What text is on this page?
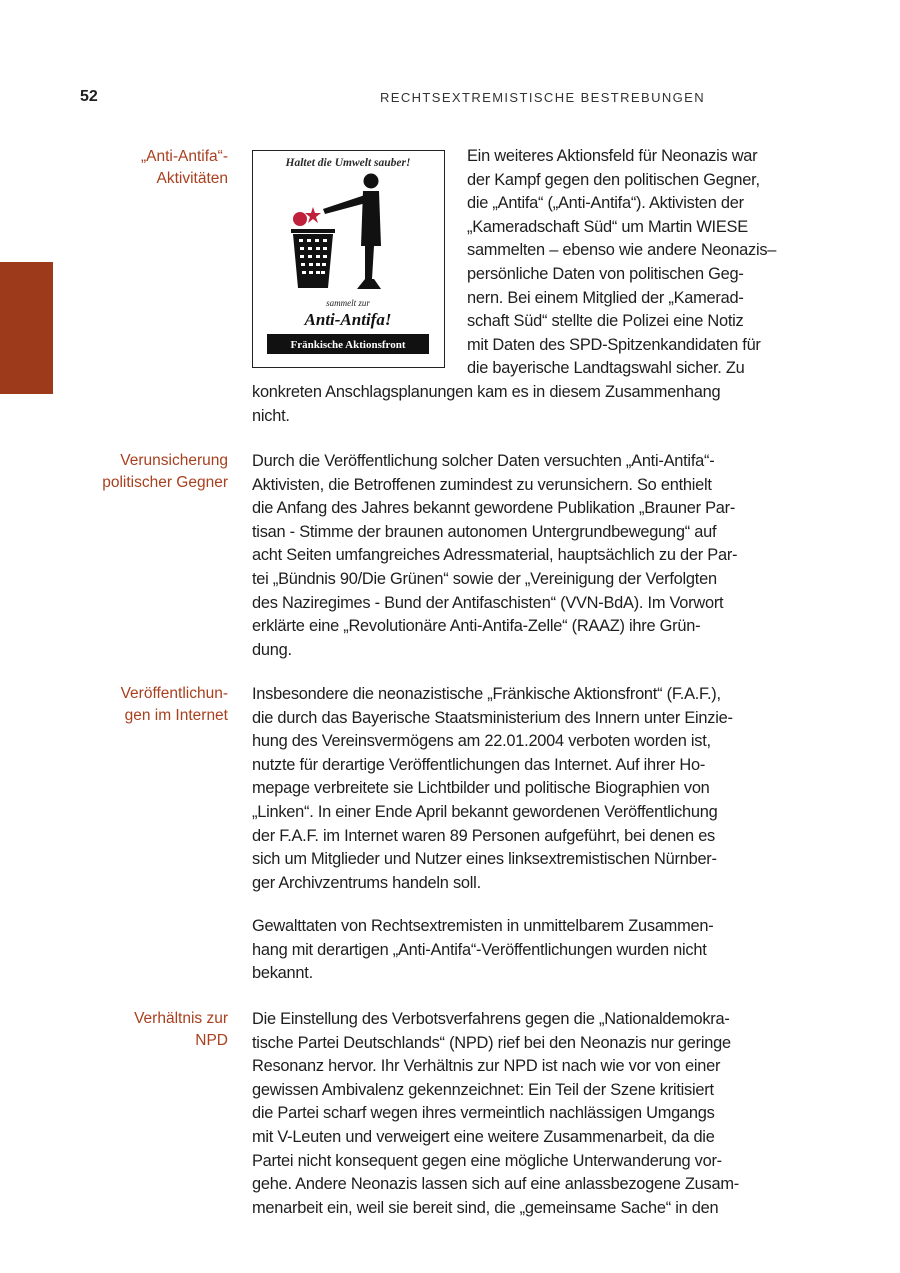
52	RECHTSEXTREMISTISCHE BESTREBUNGEN
„Anti-Antifa“-
Aktivitäten
Haltet die Umwelt sauber!
sammelt zur
Anti-Antifa!
Fränkische Aktionsfront
Ein weiteres Aktionsfeld für Neonazis war
der Kampf gegen den politischen Gegner,
die „Antifa“ („Anti-Antifa“). Aktivisten der
„Kameradschaft Süd“ um Martin WIESE
sammelten – ebenso wie andere Neonazis–
persönliche Daten von politischen Geg-
nern. Bei einem Mitglied der „Kamerad-
schaft Süd“ stellte die Polizei eine Notiz
mit Daten des SPD-Spitzenkandidaten für
die bayerische Landtagswahl sicher. Zu
konkreten Anschlagsplanungen kam es in diesem Zusammenhang
nicht.
Verunsicherung
politischer Gegner
Durch die Veröffentlichung solcher Daten versuchten „Anti-Antifa“-
Aktivisten, die Betroffenen zumindest zu verunsichern. So enthielt
die Anfang des Jahres bekannt gewordene Publikation „Brauner Par-
tisan - Stimme der braunen autonomen Untergrundbewegung“ auf
acht Seiten umfangreiches Adressmaterial, hauptsächlich zu der Par-
tei „Bündnis 90/Die Grünen“ sowie der „Vereinigung der Verfolgten
des Naziregimes - Bund der Antifaschisten“ (VVN-BdA). Im Vorwort
erklärte eine „Revolutionäre Anti-Antifa-Zelle“ (RAAZ) ihre Grün-
dung.
Veröffentlichun-
gen im Internet
Insbesondere die neonazistische „Fränkische Aktionsfront“ (F.A.F.),
die durch das Bayerische Staatsministerium des Innern unter Einzie-
hung des Vereinsvermögens am 22.01.2004 verboten worden ist,
nutzte für derartige Veröffentlichungen das Internet. Auf ihrer Ho-
mepage verbreitete sie Lichtbilder und politische Biographien von
„Linken“. In einer Ende April bekannt gewordenen Veröffentlichung
der F.A.F. im Internet waren 89 Personen aufgeführt, bei denen es
sich um Mitglieder und Nutzer eines linksextremistischen Nürnber-
ger Archivzentrums handeln soll.
Gewalttaten von Rechtsextremisten in unmittelbarem Zusammen-
hang mit derartigen „Anti-Antifa“-Veröffentlichungen wurden nicht
bekannt.
Verhältnis zur
NPD
Die Einstellung des Verbotsverfahrens gegen die „Nationaldemokra-
tische Partei Deutschlands“ (NPD) rief bei den Neonazis nur geringe
Resonanz hervor. Ihr Verhältnis zur NPD ist nach wie vor von einer
gewissen Ambivalenz gekennzeichnet: Ein Teil der Szene kritisiert
die Partei scharf wegen ihres vermeintlich nachlässigen Umgangs
mit V-Leuten und verweigert eine weitere Zusammenarbeit, da die
Partei nicht konsequent gegen eine mögliche Unterwanderung vor-
gehe. Andere Neonazis lassen sich auf eine anlassbezogene Zusam-
menarbeit ein, weil sie bereit sind, die „gemeinsame Sache“ in den
